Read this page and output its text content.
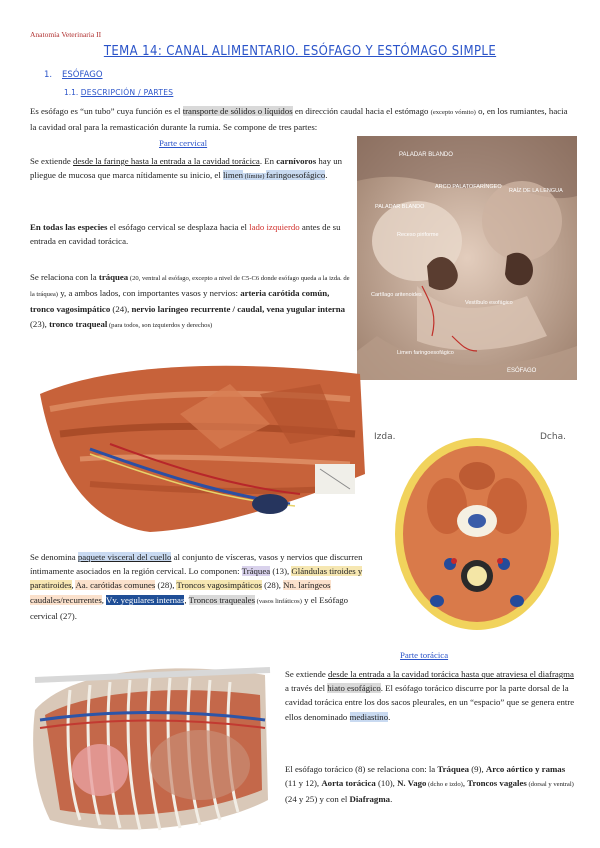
Anatomía Veterinaria II
TEMA 14: CANAL ALIMENTARIO. ESÓFAGO Y ESTÓMAGO SIMPLE
1. ESÓFAGO
1.1. DESCRIPCIÓN / PARTES
Es esófago es “un tubo” cuya función es el transporte de sólidos o líquidos en dirección caudal hacia el estómago (excepto vómito) o, en los rumiantes, hacia la cavidad oral para la remasticación durante la rumia. Se compone de tres partes:
Parte cervical
Se extiende desde la faringe hasta la entrada a la cavidad torácica. En carnívoros hay un pliegue de mucosa que marca nítidamente su inicio, el limen (límite) faringoesofágico.
En todas las especies el esófago cervical se desplaza hacia el lado izquierdo antes de su entrada en cavidad torácica.
Se relaciona con la tráquea (20, ventral al esófago, excepto a nivel de C5-C6 donde esófago queda a la izda. de la tráquea) y, a ambos lados, con importantes vasos y nervios: arteria carótida común, tronco vagosimpático (24), nervio laríngeo recurrente / caudal, vena yugular interna (23), tronco traqueal (para todos, son izquierdos y derechos)
PALADAR BLANDO
ARCO PALATOFARÍNGEO
PALADAR BLANDO
RAÍZ DE LA LENGUA
Receso piriforme
Cartílago aritenoides
Vestíbulo esofágico
Limen faringoesofágico
ESÓFAGO
Izda.	Dcha.
Se denomina paquete visceral del cuello al conjunto de vísceras, vasos y nervios que discurren íntimamente asociados en la región cervical. Lo componen: Tráquea (13), Glándulas tiroides y paratiroides, Aa. carótidas comunes (28), Troncos vagosimpáticos (28), Nn. laríngeos caudales/recurrentes, Vv. yegulares internas, Troncos traqueales (vasos linfáticos) y el Esófago cervical (27).
Parte torácica
Se extiende desde la entrada a la cavidad torácica hasta que atraviesa el diafragma a través del hiato esofágico. El esófago torácico discurre por la parte dorsal de la cavidad torácica entre los dos sacos pleurales, en un “espacio” que se genera entre ellos denominado mediastino.
El esófago torácico (8) se relaciona con: la Tráquea (9), Arco aórtico y ramas (11 y 12), Aorta torácica (10), N. Vago (dcho e izdo), Troncos vagales (dorsal y ventral) (24 y 25) y con el Diafragma.
